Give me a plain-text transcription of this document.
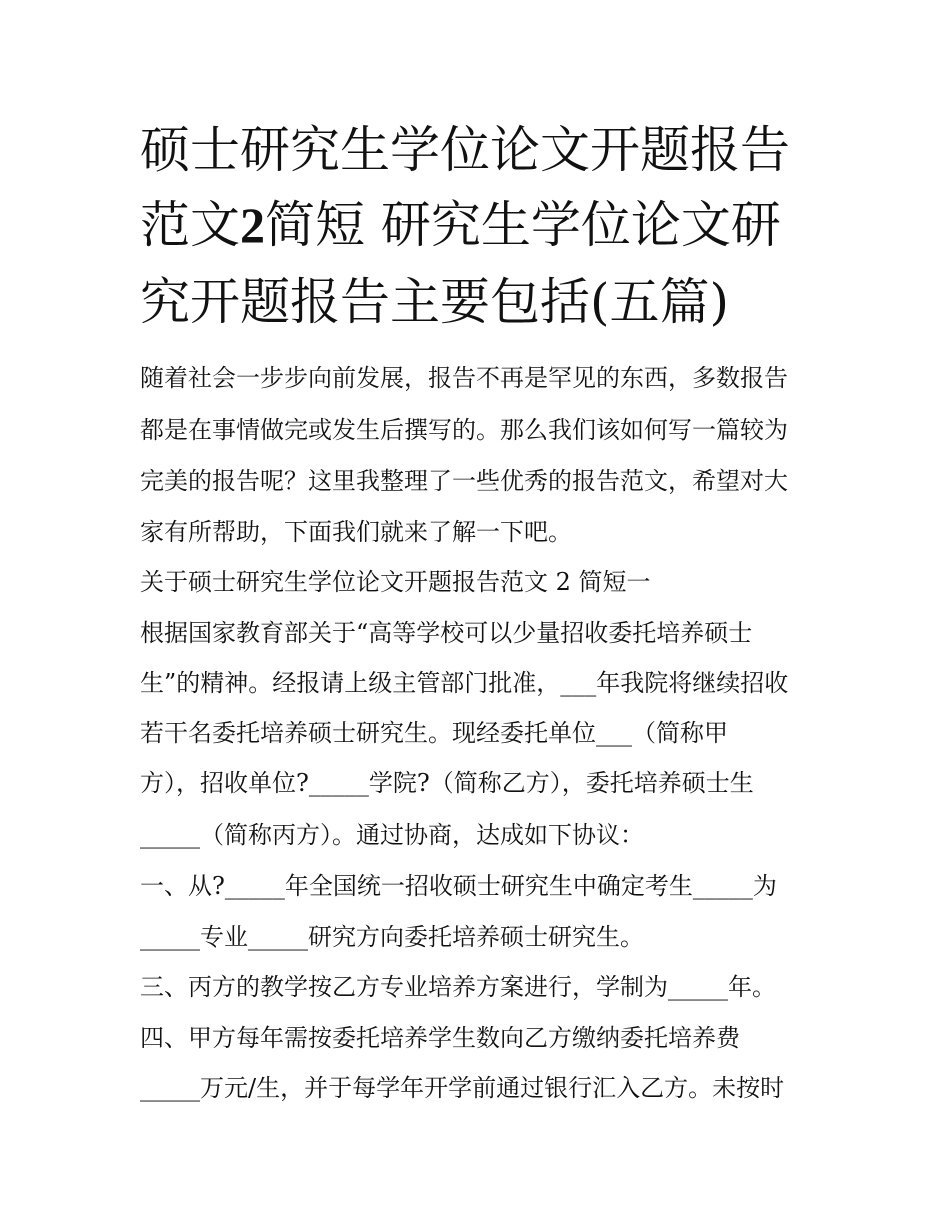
硕士研究生学位论文开题报告
范文2简短 研究生学位论文研
究开题报告主要包括(五篇)
随着社会一步步向前发展，报告不再是罕见的东西，多数报告
都是在事情做完或发生后撰写的。那么我们该如何写一篇较为
完美的报告呢？这里我整理了一些优秀的报告范文，希望对大
家有所帮助，下面我们就来了解一下吧。
关于硕士研究生学位论文开题报告范文 2 简短一
根据国家教育部关于“高等学校可以少量招收委托培养硕士
生”的精神。经报请上级主管部门批准，___年我院将继续招收
若干名委托培养硕士研究生。现经委托单位___（简称甲
方），招收单位?_____学院?（简称乙方），委托培养硕士生
_____（简称丙方）。通过协商，达成如下协议：
一、从?_____年全国统一招收硕士研究生中确定考生_____为
_____专业_____研究方向委托培养硕士研究生。
三、丙方的教学按乙方专业培养方案进行，学制为_____年。
四、甲方每年需按委托培养学生数向乙方缴纳委托培养费
_____万元/生，并于每学年开学前通过银行汇入乙方。未按时
